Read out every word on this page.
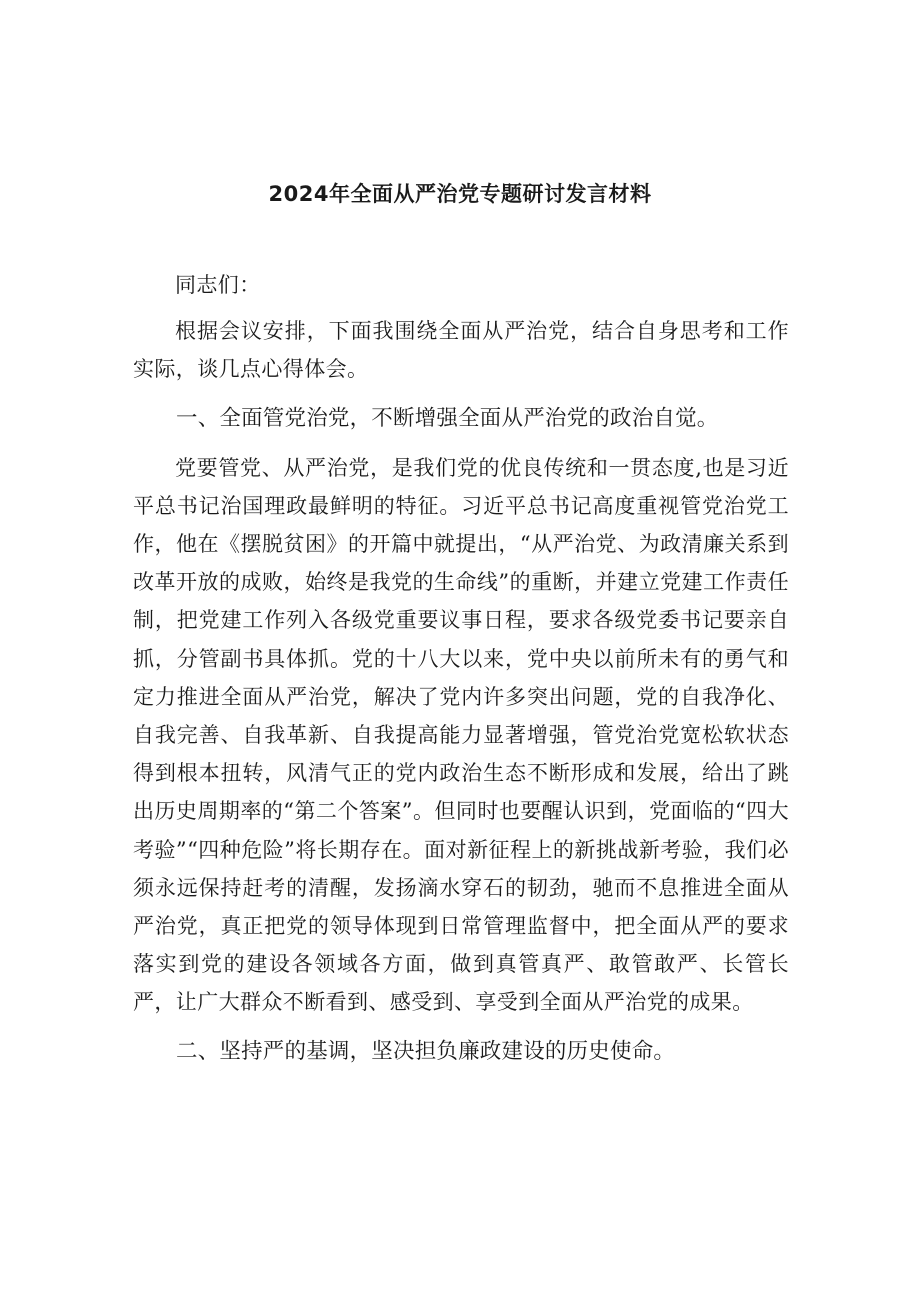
2024年全面从严治党专题研讨发言材料

同志们：

根据会议安排，下面我围绕全面从严治党，结合自身思考和工作实际，谈几点心得体会。

一、全面管党治党，不断增强全面从严治党的政治自觉。

党要管党、从严治党，是我们党的优良传统和一贯态度,也是习近平总书记治国理政最鲜明的特征。习近平总书记高度重视管党治党工作，他在《摆脱贫困》的开篇中就提出，“从严治党、为政清廉关系到改革开放的成败，始终是我党的生命线”的重断，并建立党建工作责任制，把党建工作列入各级党重要议事日程，要求各级党委书记要亲自抓，分管副书具体抓。党的十八大以来，党中央以前所未有的勇气和定力推进全面从严治党，解决了党内许多突出问题，党的自我净化、自我完善、自我革新、自我提高能力显著增强，管党治党宽松软状态得到根本扭转，风清气正的党内政治生态不断形成和发展，给出了跳出历史周期率的“第二个答案”。但同时也要醒认识到，党面临的“四大考验”“四种危险”将长期存在。面对新征程上的新挑战新考验，我们必须永远保持赶考的清醒，发扬滴水穿石的韧劲，驰而不息推进全面从严治党，真正把党的领导体现到日常管理监督中，把全面从严的要求落实到党的建设各领域各方面，做到真管真严、敢管敢严、长管长严，让广大群众不断看到、感受到、享受到全面从严治党的成果。

二、坚持严的基调，坚决担负廉政建设的历史使命。
